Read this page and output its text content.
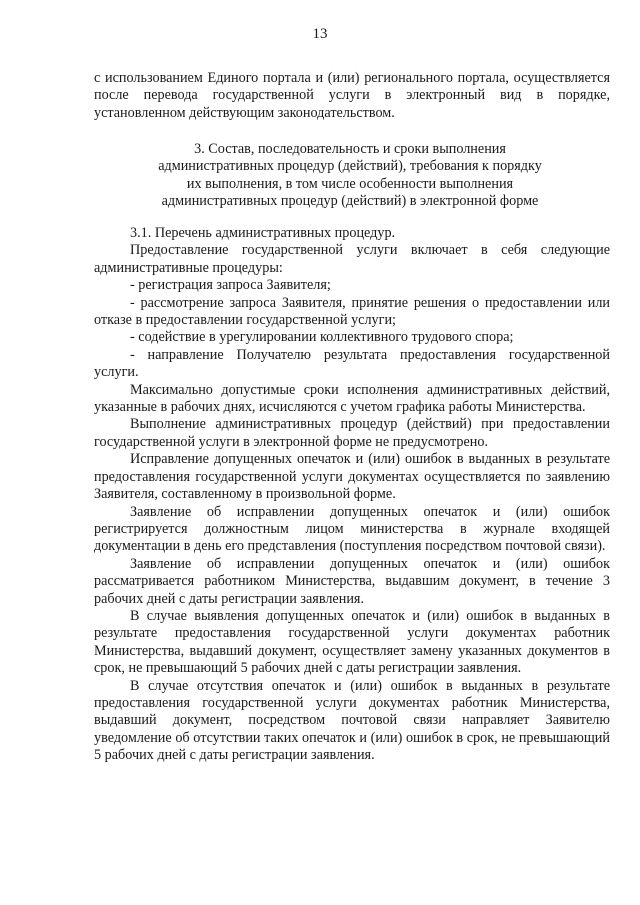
13

с использованием Единого портала и (или) регионального портала, осуществляется после перевода государственной услуги в электронный вид в порядке, установленном действующим законодательством.

3. Состав, последовательность и сроки выполнения

административных процедур (действий), требования к порядку

их выполнения, в том числе особенности выполнения

административных процедур (действий) в электронной форме

3.1. Перечень административных процедур.

Предоставление государственной услуги включает в себя следующие административные процедуры:

- регистрация запроса Заявителя;

- рассмотрение запроса Заявителя, принятие решения о предоставлении или отказе в предоставлении государственной услуги;

- содействие в урегулировании коллективного трудового спора;

- направление Получателю результата предоставления государственной услуги.

Максимально допустимые сроки исполнения административных действий, указанные в рабочих днях, исчисляются с учетом графика работы Министерства.

Выполнение административных процедур (действий) при предоставлении государственной услуги в электронной форме не предусмотрено.

Исправление допущенных опечаток и (или) ошибок в выданных в результате предоставления государственной услуги документах осуществляется по заявлению Заявителя, составленному в произвольной форме.

Заявление об исправлении допущенных опечаток и (или) ошибок регистрируется должностным лицом министерства в журнале входящей документации в день его представления (поступления посредством почтовой связи).

Заявление об исправлении допущенных опечаток и (или) ошибок рассматривается работником Министерства, выдавшим документ, в течение 3 рабочих дней с даты регистрации заявления.

В случае выявления допущенных опечаток и (или) ошибок в выданных в результате предоставления государственной услуги документах работник Министерства, выдавший документ, осуществляет замену указанных документов в срок, не превышающий 5 рабочих дней с даты регистрации заявления.

В случае отсутствия опечаток и (или) ошибок в выданных в результате предоставления государственной услуги документах работник Министерства, выдавший документ, посредством почтовой связи направляет Заявителю уведомление об отсутствии таких опечаток и (или) ошибок в срок, не превышающий 5 рабочих дней с даты регистрации заявления.
